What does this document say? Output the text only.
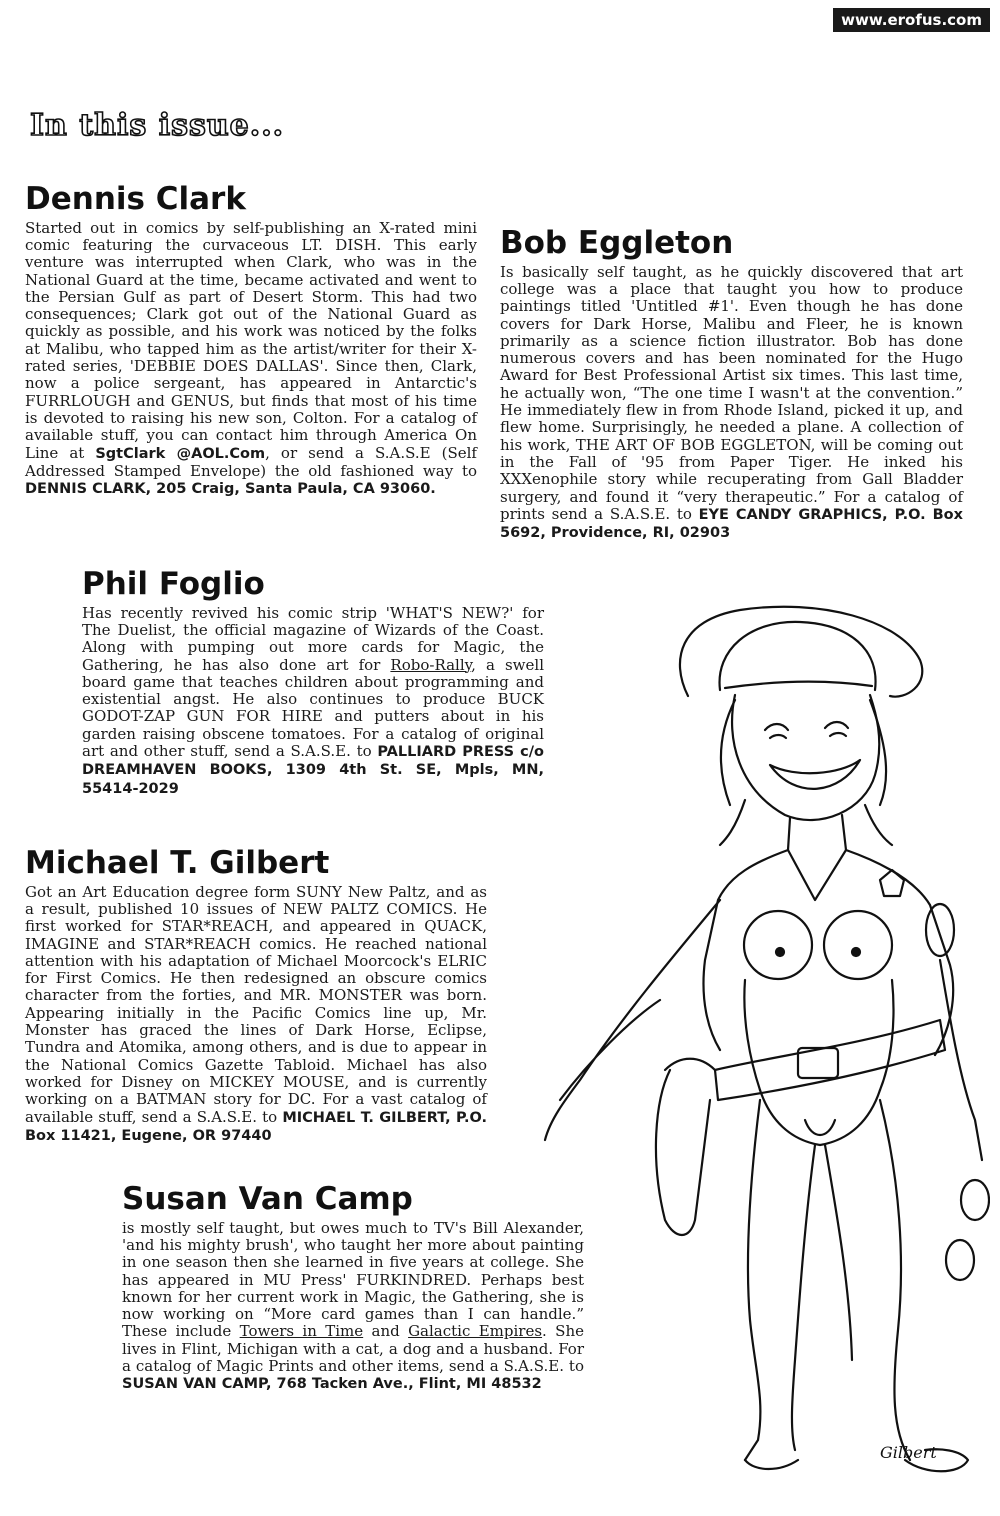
www.erofus.com
In this issue...
Dennis Clark

Started out in comics by self-publishing an X-rated mini comic featuring the curvaceous LT. DISH. This early venture was interrupted when Clark, who was in the National Guard at the time, became activated and went to the Persian Gulf as part of Desert Storm. This had two consequences; Clark got out of the National Guard as quickly as possible, and his work was noticed by the folks at Malibu, who tapped him as the artist/writer for their X-rated series, 'DEBBIE DOES DALLAS'. Since then, Clark, now a police sergeant, has appeared in Antarctic's FURRLOUGH and GENUS, but finds that most of his time is devoted to raising his new son, Colton. For a catalog of available stuff, you can contact him through America On Line at SgtClark @AOL.Com, or send a S.A.S.E (Self Addressed Stamped Envelope) the old fashioned way to DENNIS CLARK, 205 Craig, Santa Paula, CA 93060.

Bob Eggleton

Is basically self taught, as he quickly discovered that art college was a place that taught you how to produce paintings titled 'Untitled #1'. Even though he has done covers for Dark Horse, Malibu and Fleer, he is known primarily as a science fiction illustrator. Bob has done numerous covers and has been nominated for the Hugo Award for Best Professional Artist six times. This last time, he actually won, “The one time I wasn't at the convention.” He immediately flew in from Rhode Island, picked it up, and flew home. Surprisingly, he needed a plane. A collection of his work, THE ART OF BOB EGGLETON, will be coming out in the Fall of '95 from Paper Tiger. He inked his XXXenophile story while recuperating from Gall Bladder surgery, and found it “very therapeutic.” For a catalog of prints send a S.A.S.E. to EYE CANDY GRAPHICS, P.O. Box 5692, Providence, RI, 02903

Phil Foglio

Has recently revived his comic strip 'WHAT'S NEW?' for The Duelist, the official magazine of Wizards of the Coast. Along with pumping out more cards for Magic, the Gathering, he has also done art for Robo-Rally, a swell board game that teaches children about programming and existential angst. He also continues to produce BUCK GODOT-ZAP GUN FOR HIRE and putters about in his garden raising obscene tomatoes. For a catalog of original art and other stuff, send a S.A.S.E. to PALLIARD PRESS c/o DREAMHAVEN BOOKS, 1309 4th St. SE, Mpls, MN, 55414-2029

Michael T. Gilbert

Got an Art Education degree form SUNY New Paltz, and as a result, published 10 issues of NEW PALTZ COMICS. He first worked for STAR*REACH, and appeared in QUACK, IMAGINE and STAR*REACH comics. He reached national attention with his adaptation of Michael Moorcock's ELRIC for First Comics. He then redesigned an obscure comics character from the forties, and MR. MONSTER was born. Appearing initially in the Pacific Comics line up, Mr. Monster has graced the lines of Dark Horse, Eclipse, Tundra and Atomika, among others, and is due to appear in the National Comics Gazette Tabloid. Michael has also worked for Disney on MICKEY MOUSE, and is currently working on a BATMAN story for DC. For a vast catalog of available stuff, send a S.A.S.E. to MICHAEL T. GILBERT, P.O. Box 11421, Eugene, OR 97440

Susan Van Camp

is mostly self taught, but owes much to TV's Bill Alexander, 'and his mighty brush', who taught her more about painting in one season then she learned in five years at college. She has appeared in MU Press' FURKINDRED. Perhaps best known for her current work in Magic, the Gathering, she is now working on “More card games than I can handle.” These include Towers in Time and Galactic Empires. She lives in Flint, Michigan with a cat, a dog and a husband. For a catalog of Magic Prints and other items, send a S.A.S.E. to SUSAN VAN CAMP, 768 Tacken Ave., Flint, MI 48532

Gilbert
